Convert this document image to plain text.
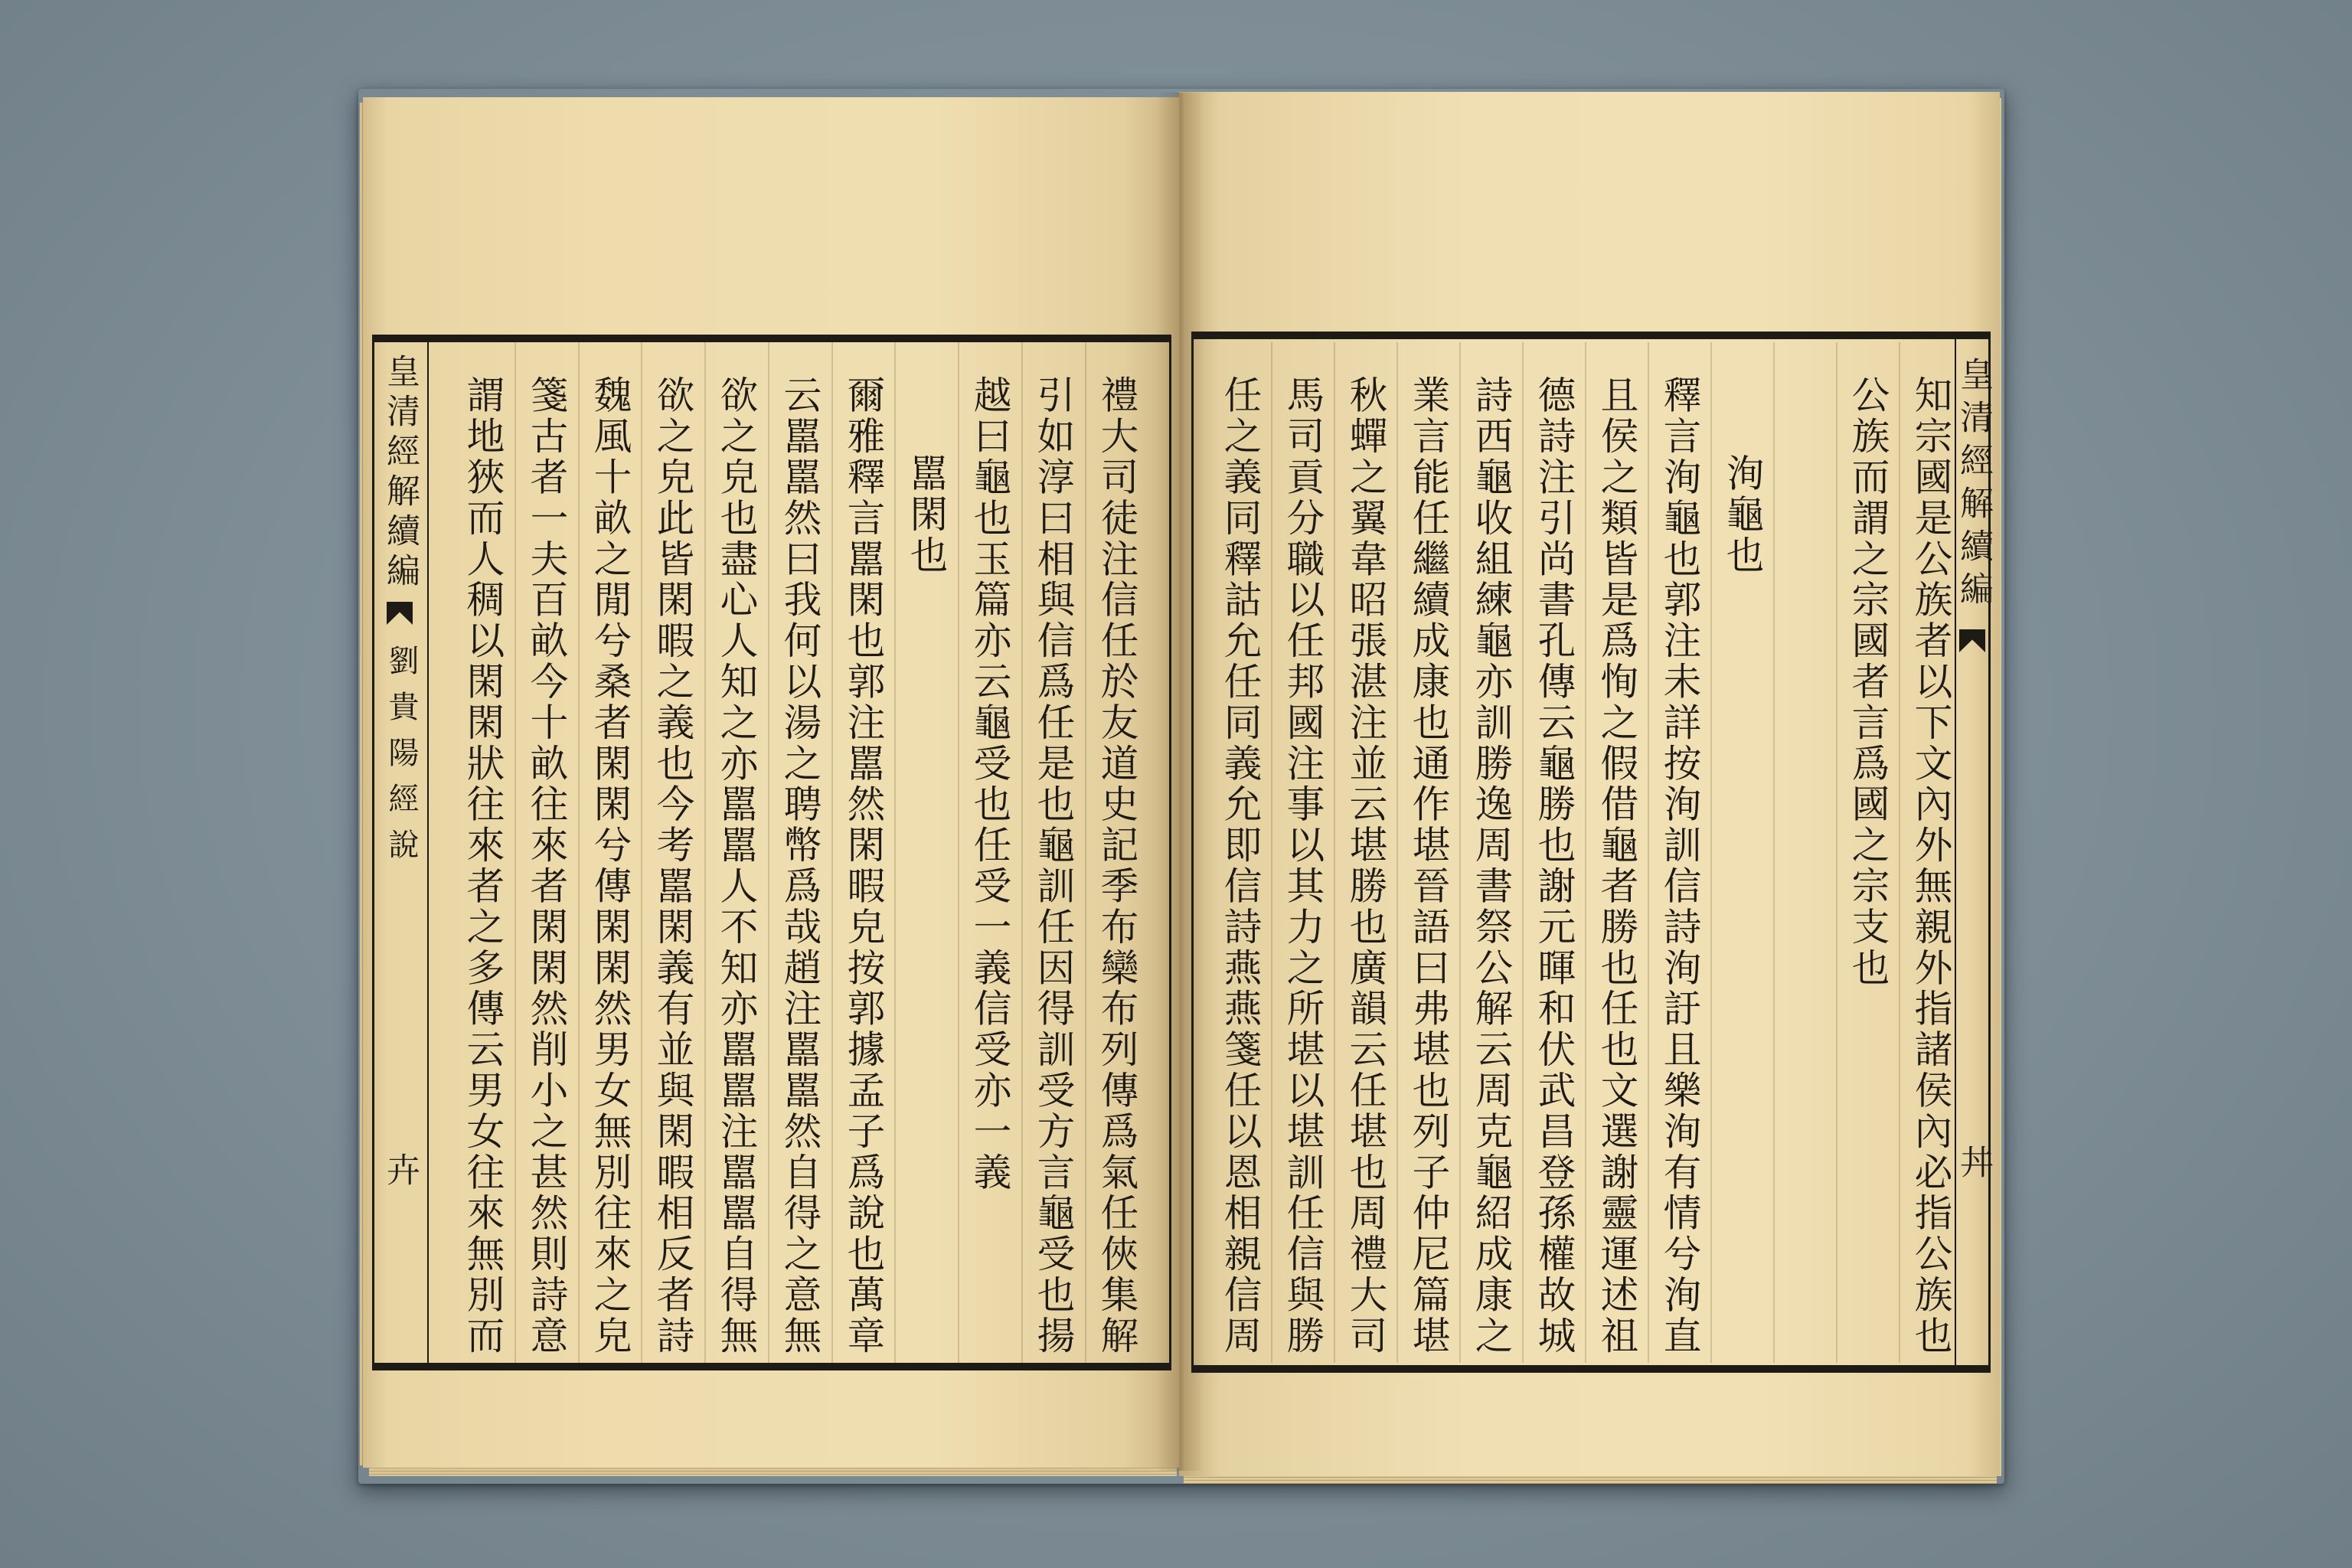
皇清經解續編
劉貴陽經說
卉
皇清經解續編
丼
禮大司徒注信任於友道史記季布欒布列傳爲氣任俠集解
引如淳曰相與信爲任是也龜訓任因得訓受方言龜受也揚
越曰龜也玉篇亦云龜受也任受一義信受亦一義
嚚閑也
爾雅釋言嚚閑也郭注嚚然閑暇皃按郭據孟子爲說也萬章
云嚚嚚然曰我何以湯之聘幣爲哉趙注嚚嚚然自得之意無
欲之皃也盡心人知之亦嚚嚚人不知亦嚚嚚注嚚嚚自得無
欲之皃此皆閑暇之義也今考嚚閑義有並與閑暇相反者詩
魏風十畝之閒兮桑者閑閑兮傳閑閑然男女無別往來之皃
箋古者一夫百畝今十畝往來者閑閑然削小之甚然則詩意
謂地狹而人稠以閑閑狀往來者之多傳云男女往來無別而	知宗國是公族者以下文內外無親外指諸侯內必指公族也
公族而謂之宗國者言爲國之宗支也
洵龜也
釋言洵龜也郭注未詳按洵訓信詩洵訏且樂洵有情兮洵直
且侯之類皆是爲恂之假借龜者勝也任也文選謝靈運述祖
德詩注引尚書孔傳云龜勝也謝元暉和伏武昌登孫權故城
詩西龜收組練龜亦訓勝逸周書祭公解云周克龜紹成康之
業言能任繼續成康也通作堪晉語曰弗堪也列子仲尼篇堪
秋蟬之翼韋昭張湛注並云堪勝也廣韻云任堪也周禮大司
馬司貢分職以任邦國注事以其力之所堪以堪訓任信與勝
任之義同釋詁允任同義允即信詩燕燕箋任以恩相親信周
